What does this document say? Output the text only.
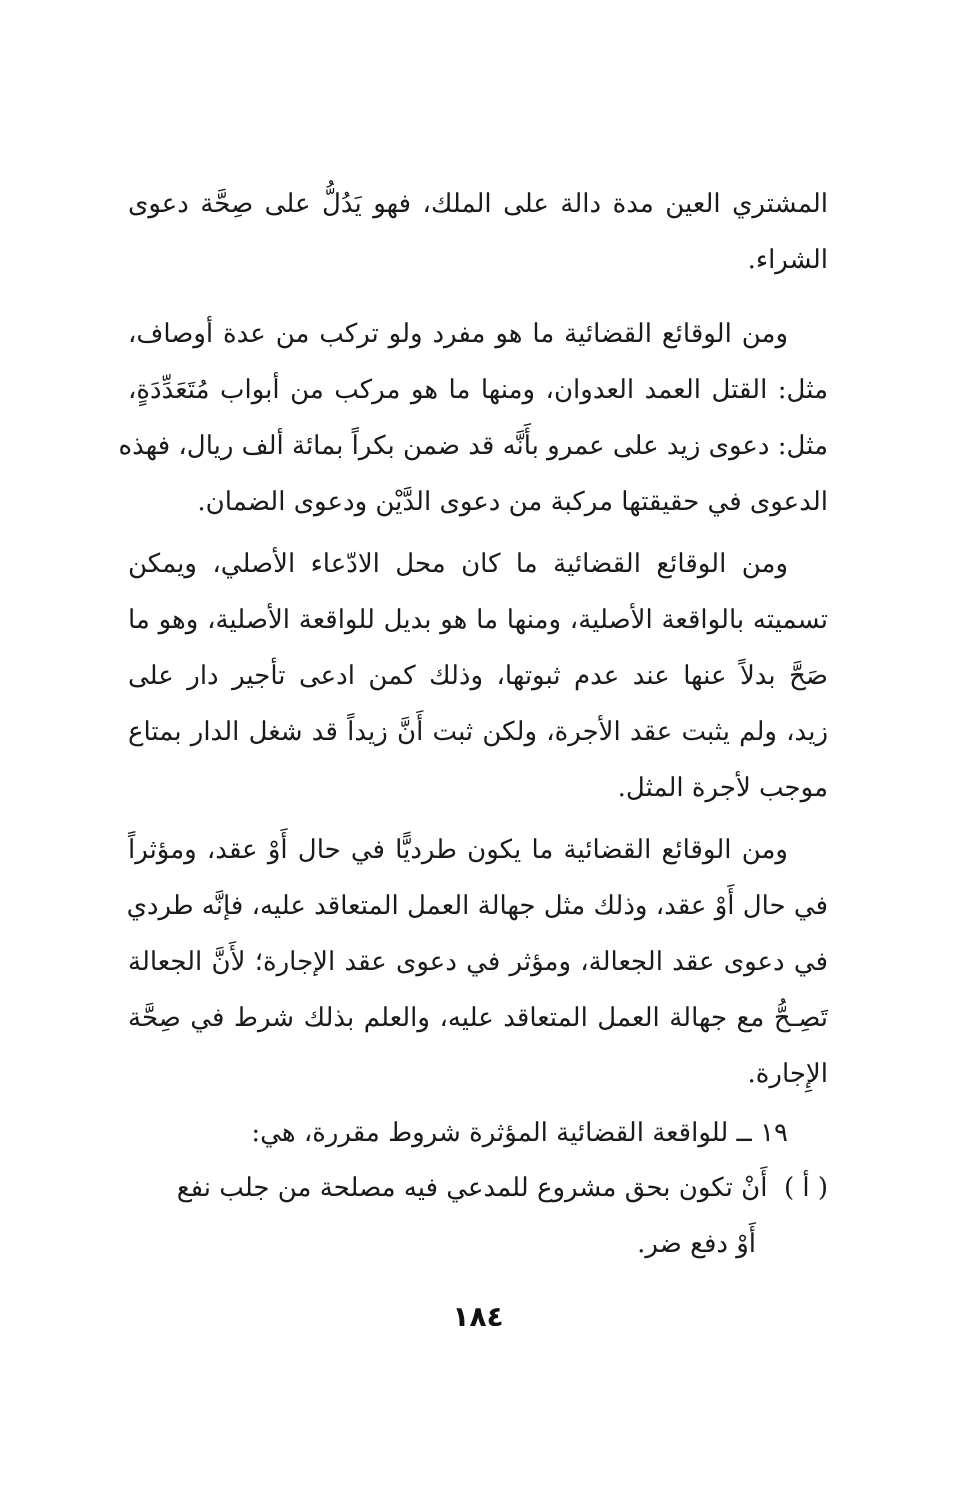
المشتري العين مدة دالة على الملك، فهو يَدُلُّ على صِحَّة دعوى
الشراء.
ومن الوقائع القضائية ما هو مفرد ولو تركب من عدة أوصاف،
مثل: القتل العمد العدوان، ومنها ما هو مركب من أبواب مُتَعَدِّدَةٍ،
مثل: دعوى زيد على عمرو بأَنَّه قد ضمن بكراً بمائة ألف ريال، فهذه
الدعوى في حقيقتها مركبة من دعوى الدَّيْن ودعوى الضمان.
ومن الوقائع القضائية ما كان محل الادّعاء الأصلي، ويمكن
تسميته بالواقعة الأصلية، ومنها ما هو بديل للواقعة الأصلية، وهو ما
صَحَّ بدلاً عنها عند عدم ثبوتها، وذلك كمن ادعى تأجير دار على
زيد، ولم يثبت عقد الأجرة، ولكن ثبت أَنَّ زيداً قد شغل الدار بمتاع
موجب لأجرة المثل.
ومن الوقائع القضائية ما يكون طرديًّا في حال أَوْ عقد، ومؤثراً
في حال أَوْ عقد، وذلك مثل جهالة العمل المتعاقد عليه، فإنَّه طردي
في دعوى عقد الجعالة، ومؤثر في دعوى عقد الإجارة؛ لأَنَّ الجعالة
تَصِـحُّ مع جهالة العمل المتعاقد عليه، والعلم بذلك شرط في صِحَّة
الإِجارة.
١٩ ــ للواقعة القضائية المؤثرة شروط مقررة، هي:
( أ )  أَنْ تكون بحق مشروع للمدعي فيه مصلحة من جلب نفع
أَوْ دفع ضر.
١٨٤
